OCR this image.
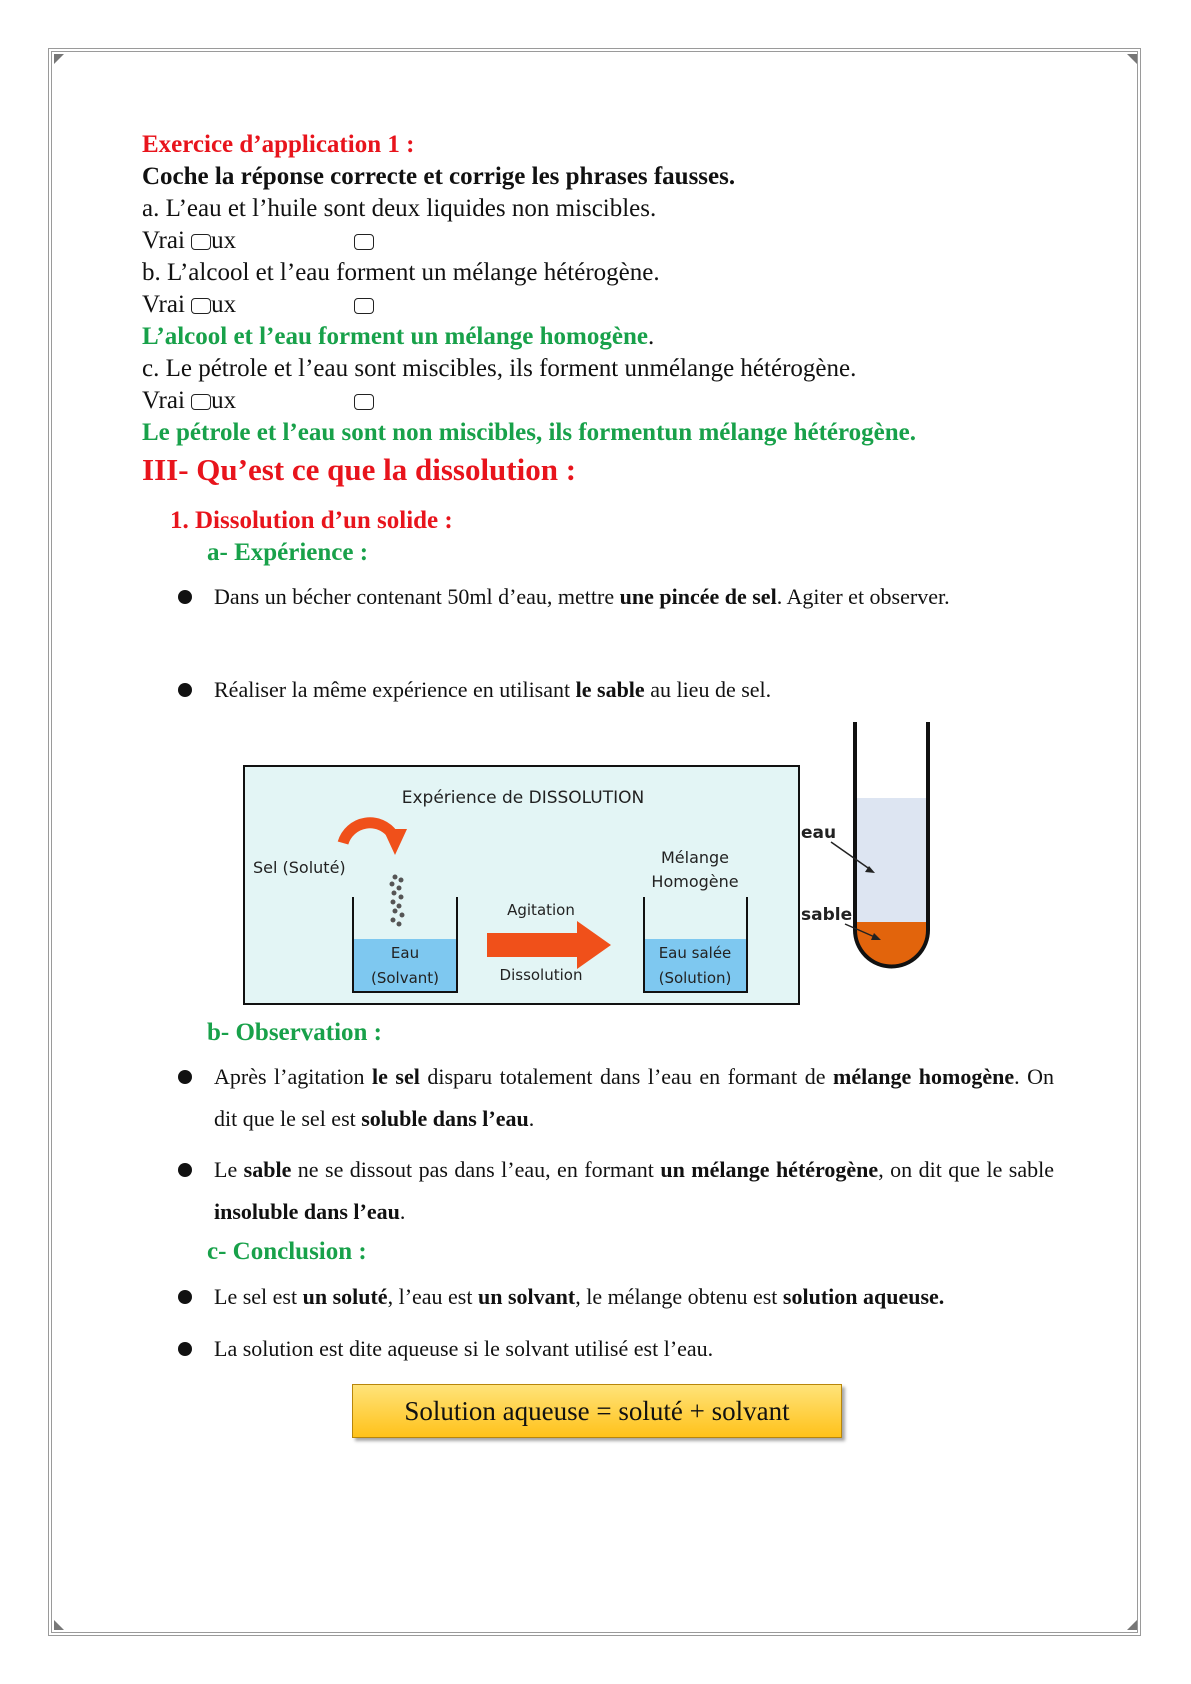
Exercice d’application 1 :
Coche la réponse correcte et corrige les phrases fausses.
a. L’eau et l’huile sont deux liquides non miscibles.
Vrai ux
b. L’alcool et l’eau forment un mélange hétérogène.
Vrai ux
L’alcool et l’eau forment un mélange homogène.
c. Le pétrole et l’eau sont miscibles, ils forment unmélange hétérogène.
Vrai ux
Le pétrole et l’eau sont non miscibles, ils formentun mélange hétérogène.
III- Qu’est ce que la dissolution :
1. Dissolution d’un solide :
a- Expérience :
Dans un bécher contenant 50ml d’eau, mettre une pincée de sel. Agiter et observer.
Réaliser la même expérience en utilisant le sable au lieu de sel.
Expérience de DISSOLUTION
Sel (Soluté)
Eau
(Solvant)
Agitation
Dissolution
Mélange
Homogène
Eau salée
(Solution)
eau
sable
b- Observation :
Après l’agitation le sel disparu totalement dans l’eau en formant de mélange homogène. On dit que le sel est soluble dans l’eau.
Le sable ne se dissout pas dans l’eau, en formant un mélange hétérogène, on dit que le sable insoluble dans l’eau.
c- Conclusion :
Le sel est un soluté, l’eau est un solvant, le mélange obtenu est solution aqueuse.
La solution est dite aqueuse si le solvant utilisé est l’eau.
Solution aqueuse = soluté + solvant
